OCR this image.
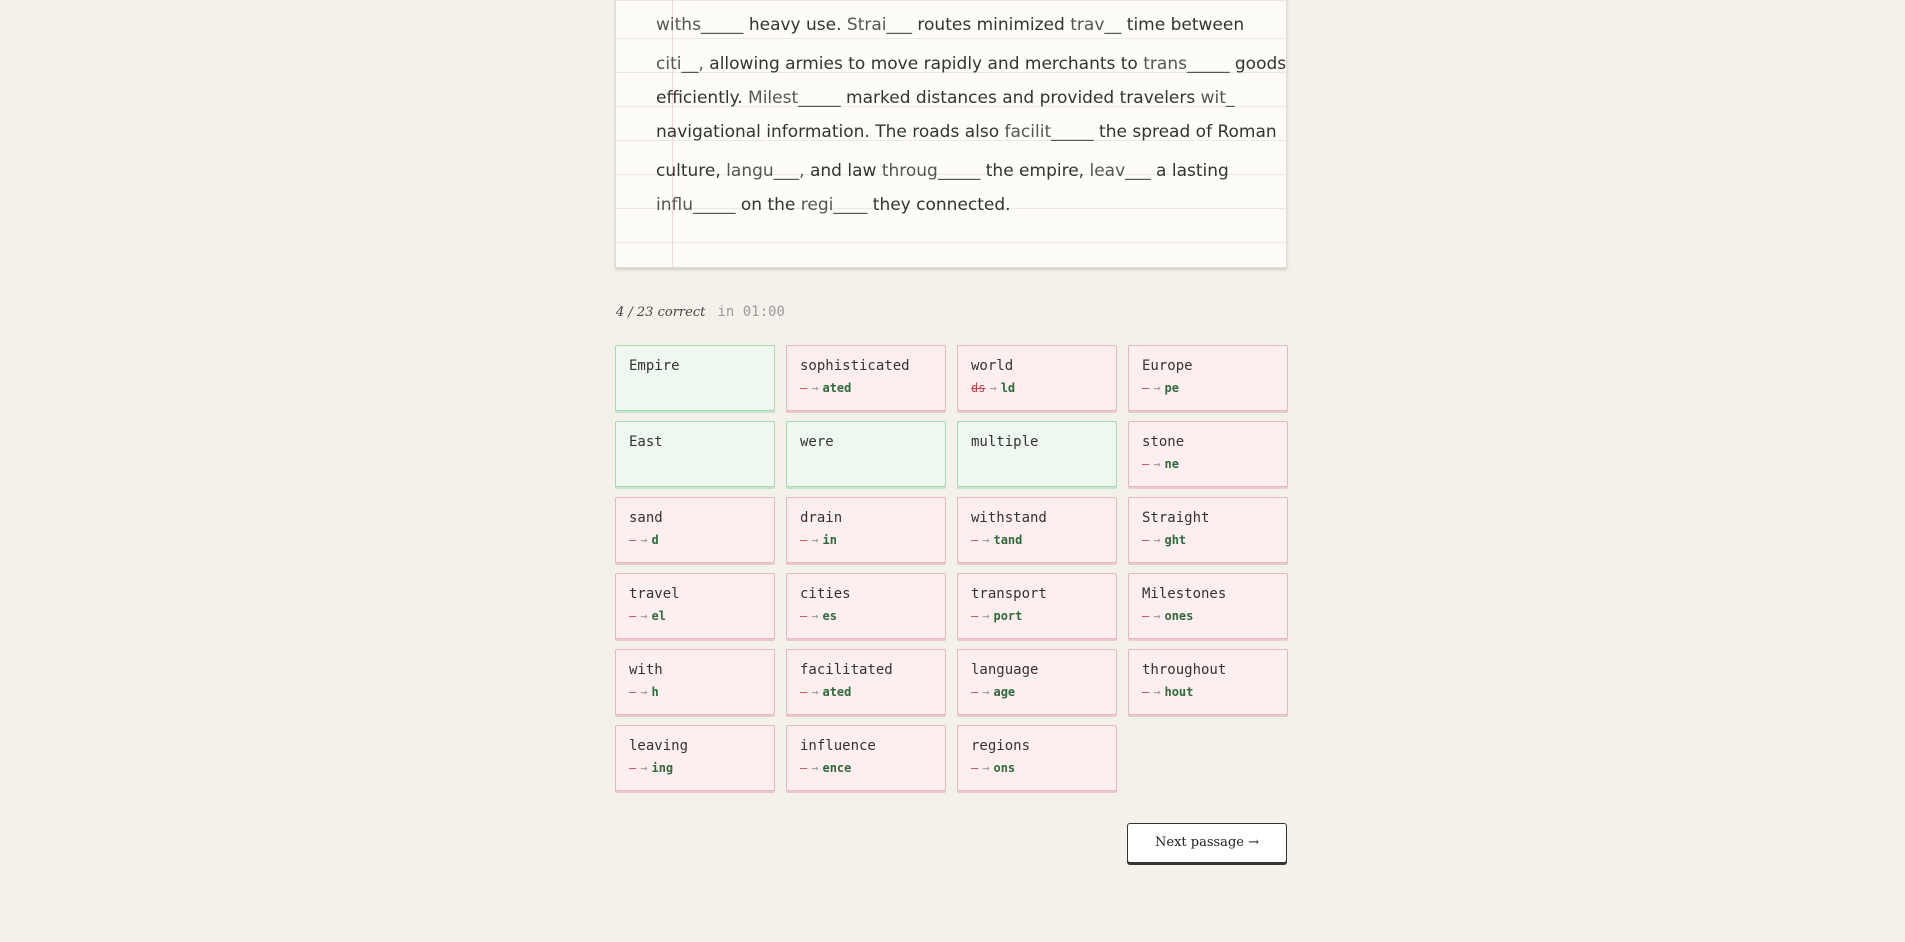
withs_____ heavy use. Strai___ routes minimized trav__ time between
citi__, allowing armies to move rapidly and merchants to trans_____ goods
efficiently. Milest_____ marked distances and provided travelers wit_
navigational information. The roads also facilit_____ the spread of Roman
culture, langu___, and law throug_____ the empire, leav___ a lasting
influ_____ on the regi____ they connected.
4 / 23 correct in 01:00
Empire	sophisticated
— → ated
world
ds → ld
Europe
— → pe
East	were	multiple	stone
— → ne
sand
— → d
drain
— → in
withstand
— → tand
Straight
— → ght
travel
— → el
cities
— → es
transport
— → port
Milestones
— → ones
with
— → h
facilitated
— → ated
language
— → age
throughout
— → hout
leaving
— → ing
influence
— → ence
regions
— → ons
Next passage →
